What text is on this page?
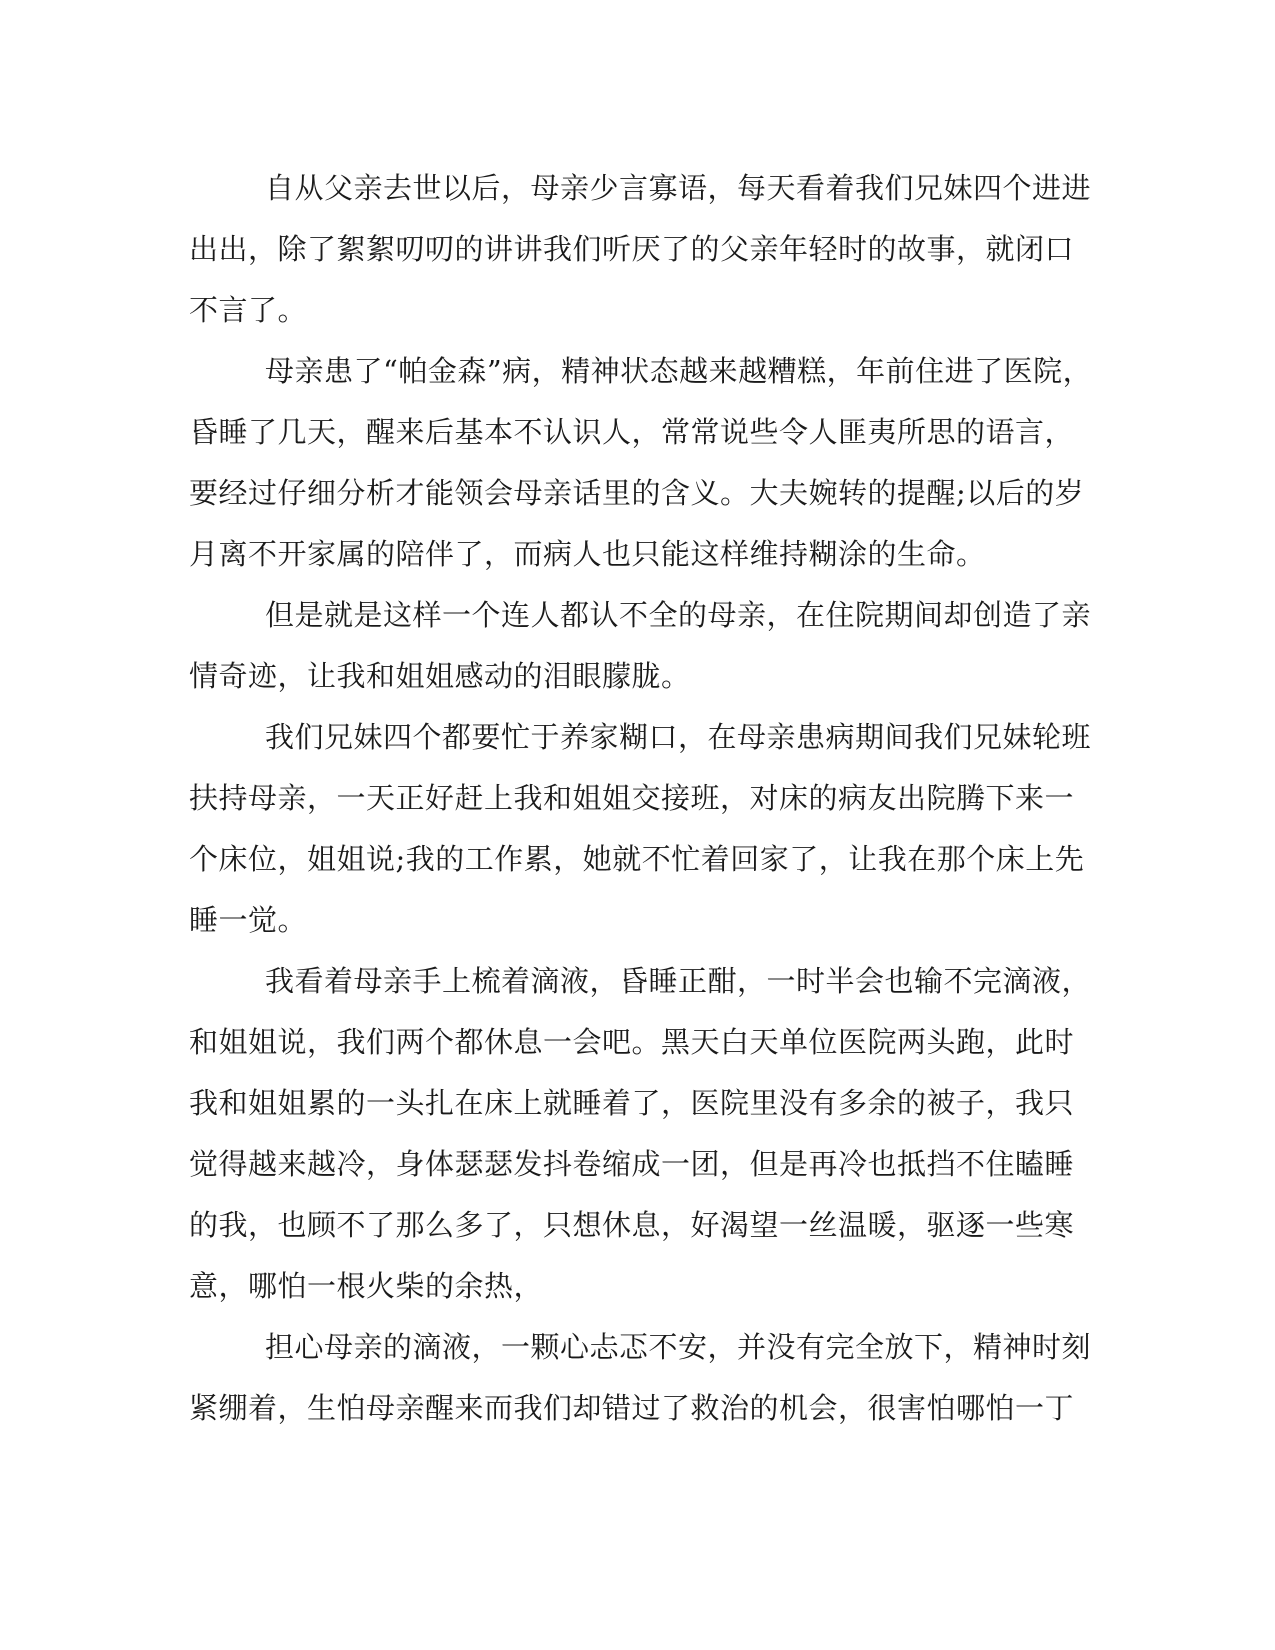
自从父亲去世以后，母亲少言寡语，每天看着我们兄妹四个进进
出出，除了絮絮叨叨的讲讲我们听厌了的父亲年轻时的故事，就闭口
不言了。
母亲患了“帕金森”病，精神状态越来越糟糕，年前住进了医院，
昏睡了几天，醒来后基本不认识人，常常说些令人匪夷所思的语言，
要经过仔细分析才能领会母亲话里的含义。大夫婉转的提醒;以后的岁
月离不开家属的陪伴了，而病人也只能这样维持糊涂的生命。
但是就是这样一个连人都认不全的母亲，在住院期间却创造了亲
情奇迹，让我和姐姐感动的泪眼朦胧。
我们兄妹四个都要忙于养家糊口，在母亲患病期间我们兄妹轮班
扶持母亲，一天正好赶上我和姐姐交接班，对床的病友出院腾下来一
个床位，姐姐说;我的工作累，她就不忙着回家了，让我在那个床上先
睡一觉。
我看着母亲手上梳着滴液，昏睡正酣，一时半会也输不完滴液，
和姐姐说，我们两个都休息一会吧。黑天白天单位医院两头跑，此时
我和姐姐累的一头扎在床上就睡着了，医院里没有多余的被子，我只
觉得越来越冷，身体瑟瑟发抖卷缩成一团，但是再冷也抵挡不住瞌睡
的我，也顾不了那么多了，只想休息，好渴望一丝温暖，驱逐一些寒
意，哪怕一根火柴的余热，
担心母亲的滴液，一颗心忐忑不安，并没有完全放下，精神时刻
紧绷着，生怕母亲醒来而我们却错过了救治的机会，很害怕哪怕一丁
